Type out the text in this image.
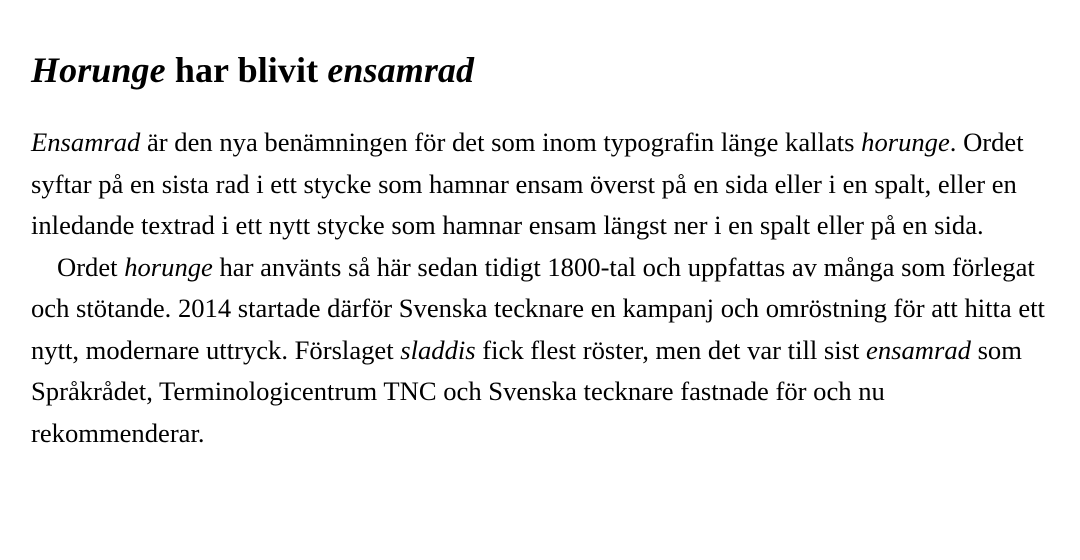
Horunge har blivit ensamrad

Ensamrad är den nya benämningen för det som inom typografin länge kallats horunge. Ordet syftar på en sista rad i ett stycke som hamnar ensam överst på en sida eller i en spalt, eller en inledande textrad i ett nytt stycke som hamnar ensam längst ner i en spalt eller på en sida.

Ordet horunge har använts så här sedan tidigt 1800-tal och uppfattas av många som förlegat och stötande. 2014 startade därför Svenska tecknare en kampanj och omröstning för att hitta ett nytt, modernare uttryck. Förslaget sladdis fick flest röster, men det var till sist ensamrad som Språkrådet, Terminologicentrum TNC och Svenska tecknare fastnade för och nu rekommenderar.
